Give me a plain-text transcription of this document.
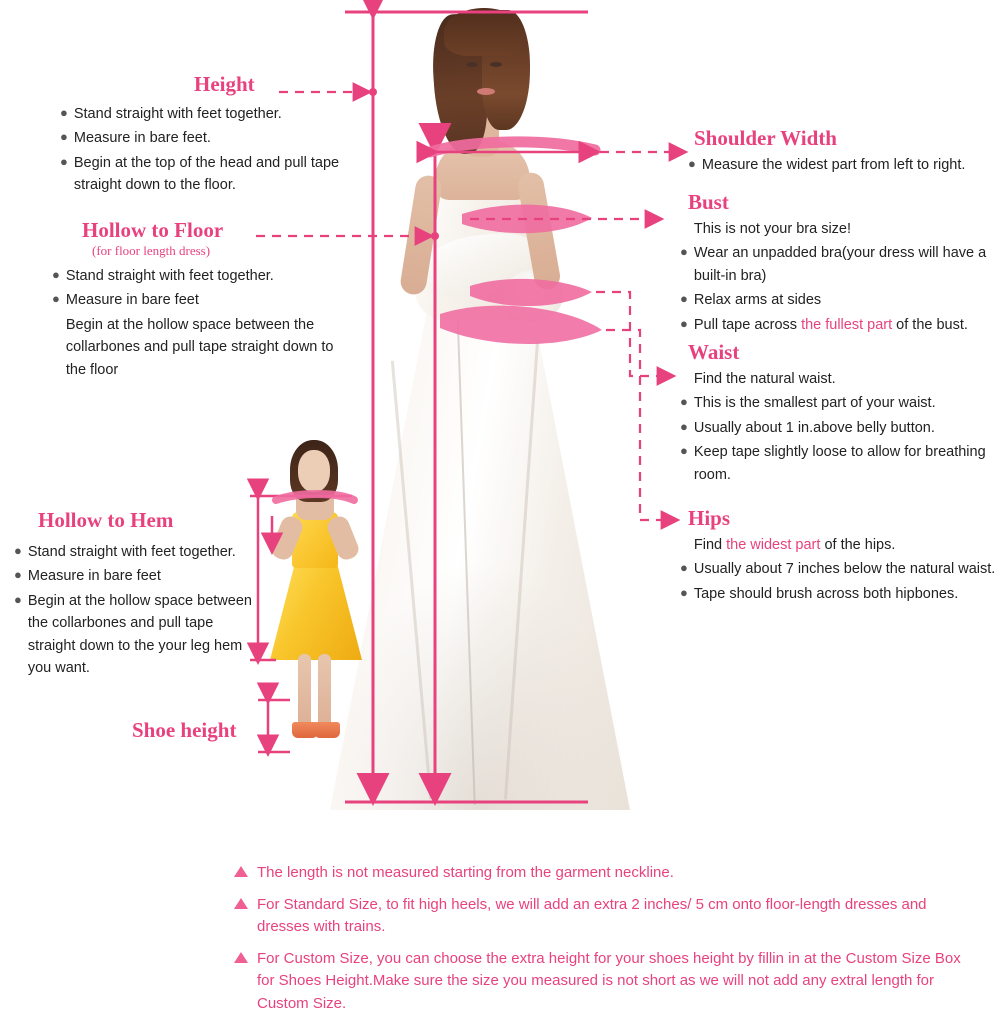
Height
● Stand straight with feet together.
● Measure in bare feet.
● Begin at the top of the head and pull tape straight down to the floor.
Hollow to Floor
(for floor length dress)
● Stand straight with feet together.
● Measure in bare feet
Begin at the hollow space between the collarbones and pull tape straight down to the floor
Hollow to Hem
● Stand straight with feet together.
● Measure in bare feet
● Begin at the hollow space between the collarbones and pull tape straight down to the your leg hem you want.
Shoe height
Shoulder Width
● Measure the widest part from left to right.
Bust
This is not your bra size!
● Wear an unpadded bra(your dress will have a built-in bra)
● Relax arms at sides
● Pull tape across the fullest part of the bust.
Waist
Find the natural waist.
● This is the smallest part of your waist.
● Usually about 1 in.above belly button.
● Keep tape slightly loose to allow for breathing room.
Hips
Find the widest part of the hips.
● Usually about 7 inches below the natural waist.
● Tape should brush across both hipbones.
The length is not measured starting from the garment neckline.
For Standard Size, to fit high heels, we will add an extra 2 inches/ 5 cm onto floor-length dresses and dresses with trains.
For Custom Size, you can choose the extra height for your shoes height by fillin in at the Custom Size Box for Shoes Height.Make sure the size you measured is not short as we will not add any extral length for Custom Size.
